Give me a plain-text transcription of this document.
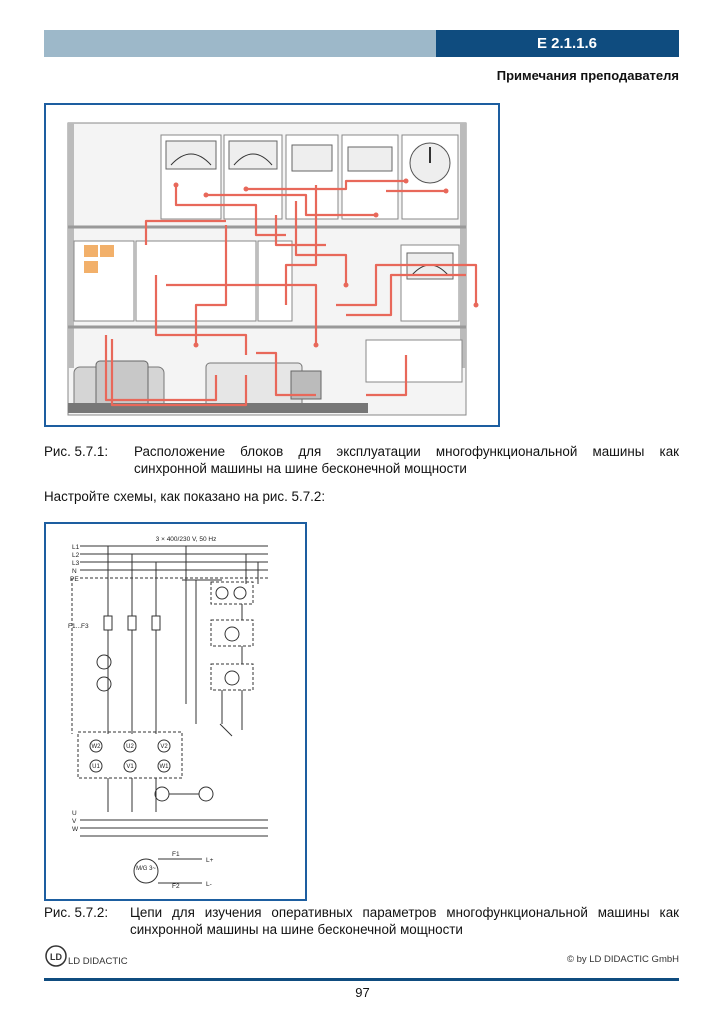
E 2.1.1.6
Примечания преподавателя
Рис. 5.7.1: Расположение блоков для эксплуатации многофункциональной машины как синхронной машины на шине бесконечной мощности
Настройте схемы, как показано на рис. 5.7.2:
3 × 400/230 V, 50 Hz
L1
L2
L3
N
PE
F1...F3
U
V
W
W2	U2	V2
U1	V1	W1
M/G 3~
F1
F2
L+
L-
Рис. 5.7.2: Цепи для изучения оперативных параметров многофункциональной машины как синхронной машины на шине бесконечной мощности
LD LD DIDACTIC	© by LD DIDACTIC GmbH
97
